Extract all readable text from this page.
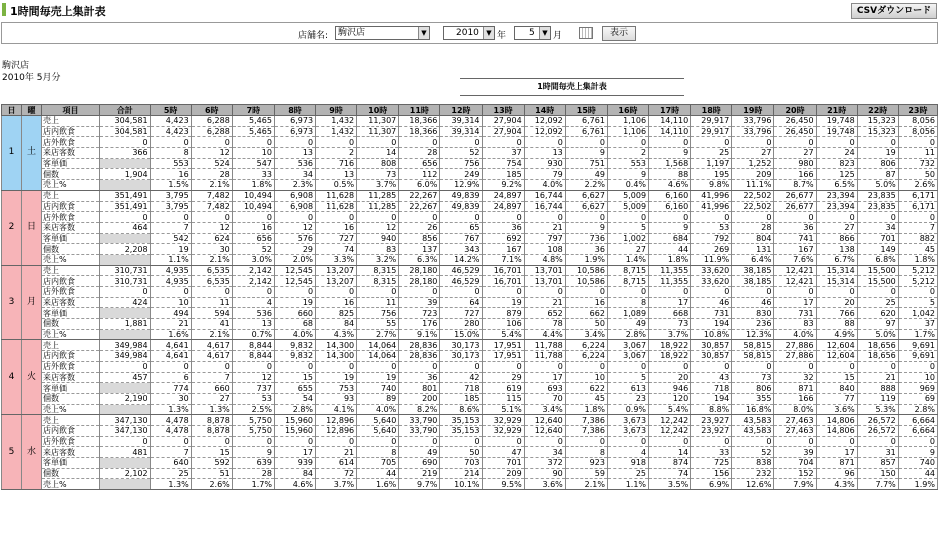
1時間毎売上集計表	CSVダウンロード
店舗名:	駒沢店	▼	2010	▼ 年	5	▼ 月	表示
駒沢店
2010年 5月分
1時間毎売上集計表
日	曜	項目	合計	5時	6時	7時	8時	9時	10時	11時	12時	13時	14時	15時	16時	17時	18時	19時	20時	21時	22時	23時
1	土	売上	304,581	4,423	6,288	5,465	6,973	1,432	11,307	18,366	39,314	27,904	12,092	6,761	1,106	14,110	29,917	33,796	26,450	19,748	15,323	8,056
		店内飲食	304,581	4,423	6,288	5,465	6,973	1,432	11,307	18,366	39,314	27,904	12,092	6,761	1,106	14,110	29,917	33,796	26,450	19,748	15,323	8,056
		店外飲食	0	0	0	0	0	0	0	0	0	0	0	0	0	0	0	0	0	0	0	0
		来店客数	366	8	12	10	13	2	14	28	52	37	13	9	2	9	25	27	27	24	19	11
		客単価		553	524	547	536	716	808	656	756	754	930	751	553	1,568	1,197	1,252	980	823	806	732
		個数	1,904	16	28	33	34	13	73	112	249	185	79	49	9	88	195	209	166	125	87	50
		売上%		1.5%	2.1%	1.8%	2.3%	0.5%	3.7%	6.0%	12.9%	9.2%	4.0%	2.2%	0.4%	4.6%	9.8%	11.1%	8.7%	6.5%	5.0%	2.6%
2	日	売上	351,491	3,795	7,482	10,494	6,908	11,628	11,285	22,267	49,839	24,897	16,744	6,627	5,009	6,160	41,996	22,502	26,677	23,394	23,835	6,171
		店内飲食	351,491	3,795	7,482	10,494	6,908	11,628	11,285	22,267	49,839	24,897	16,744	6,627	5,009	6,160	41,996	22,502	26,677	23,394	23,835	6,171
		店外飲食	0	0	0	0	0	0	0	0	0	0	0	0	0	0	0	0	0	0	0	0
		来店客数	464	7	12	16	12	16	12	26	65	36	21	9	5	9	53	28	36	27	34	7
		客単価		542	624	656	576	727	940	856	767	692	797	736	1,002	684	792	804	741	866	701	882
		個数	2,208	19	30	52	29	74	83	137	343	167	108	36	27	44	269	131	167	138	149	45
		売上%		1.1%	2.1%	3.0%	2.0%	3.3%	3.2%	6.3%	14.2%	7.1%	4.8%	1.9%	1.4%	1.8%	11.9%	6.4%	7.6%	6.7%	6.8%	1.8%
3	月	売上	310,731	4,935	6,535	2,142	12,545	13,207	8,315	28,180	46,529	16,701	13,701	10,586	8,715	11,355	33,620	38,185	12,421	15,314	15,500	5,212
		店内飲食	310,731	4,935	6,535	2,142	12,545	13,207	8,315	28,180	46,529	16,701	13,701	10,586	8,715	11,355	33,620	38,185	12,421	15,314	15,500	5,212
		店外飲食	0	0	0	0	0	0	0	0	0	0	0	0	0	0	0	0	0	0	0	0
		来店客数	424	10	11	4	19	16	11	39	64	19	21	16	8	17	46	46	17	20	25	5
		客単価		494	594	536	660	825	756	723	727	879	652	662	1,089	668	731	830	731	766	620	1,042
		個数	1,881	21	41	13	68	84	55	176	280	106	78	50	49	73	194	236	83	88	97	37
		売上%		1.6%	2.1%	0.7%	4.0%	4.3%	2.7%	9.1%	15.0%	5.4%	4.4%	3.4%	2.8%	3.7%	10.8%	12.3%	4.0%	4.9%	5.0%	1.7%
4	火	売上	349,984	4,641	4,617	8,844	9,832	14,300	14,064	28,836	30,173	17,951	11,788	6,224	3,067	18,922	30,857	58,815	27,886	12,604	18,656	9,691
		店内飲食	349,984	4,641	4,617	8,844	9,832	14,300	14,064	28,836	30,173	17,951	11,788	6,224	3,067	18,922	30,857	58,815	27,886	12,604	18,656	9,691
		店外飲食	0	0	0	0	0	0	0	0	0	0	0	0	0	0	0	0	0	0	0	0
		来店客数	457	6	7	12	15	19	19	36	42	29	17	10	5	20	43	73	32	15	21	10
		客単価		774	660	737	655	753	740	801	718	619	693	622	613	946	718	806	871	840	888	969
		個数	2,190	30	27	53	54	93	89	200	185	115	70	45	23	120	194	355	166	77	119	69
		売上%		1.3%	1.3%	2.5%	2.8%	4.1%	4.0%	8.2%	8.6%	5.1%	3.4%	1.8%	0.9%	5.4%	8.8%	16.8%	8.0%	3.6%	5.3%	2.8%
5	水	売上	347,130	4,478	8,878	5,750	15,960	12,896	5,640	33,790	35,153	32,929	12,640	7,386	3,673	12,242	23,927	43,583	27,463	14,806	26,572	6,664
		店内飲食	347,130	4,478	8,878	5,750	15,960	12,896	5,640	33,790	35,153	32,929	12,640	7,386	3,673	12,242	23,927	43,583	27,463	14,806	26,572	6,664
		店外飲食	0	0	0	0	0	0	0	0	0	0	0	0	0	0	0	0	0	0	0	0
		来店客数	481	7	15	9	17	21	8	49	50	47	34	8	4	14	33	52	39	17	31	9
		客単価		640	592	639	939	614	705	690	703	701	372	923	918	874	725	838	704	871	857	740
		個数	2,102	25	51	28	84	72	44	219	214	209	90	59	25	74	156	232	152	96	150	44
		売上%		1.3%	2.6%	1.7%	4.6%	3.7%	1.6%	9.7%	10.1%	9.5%	3.6%	2.1%	1.1%	3.5%	6.9%	12.6%	7.9%	4.3%	7.7%	1.9%
